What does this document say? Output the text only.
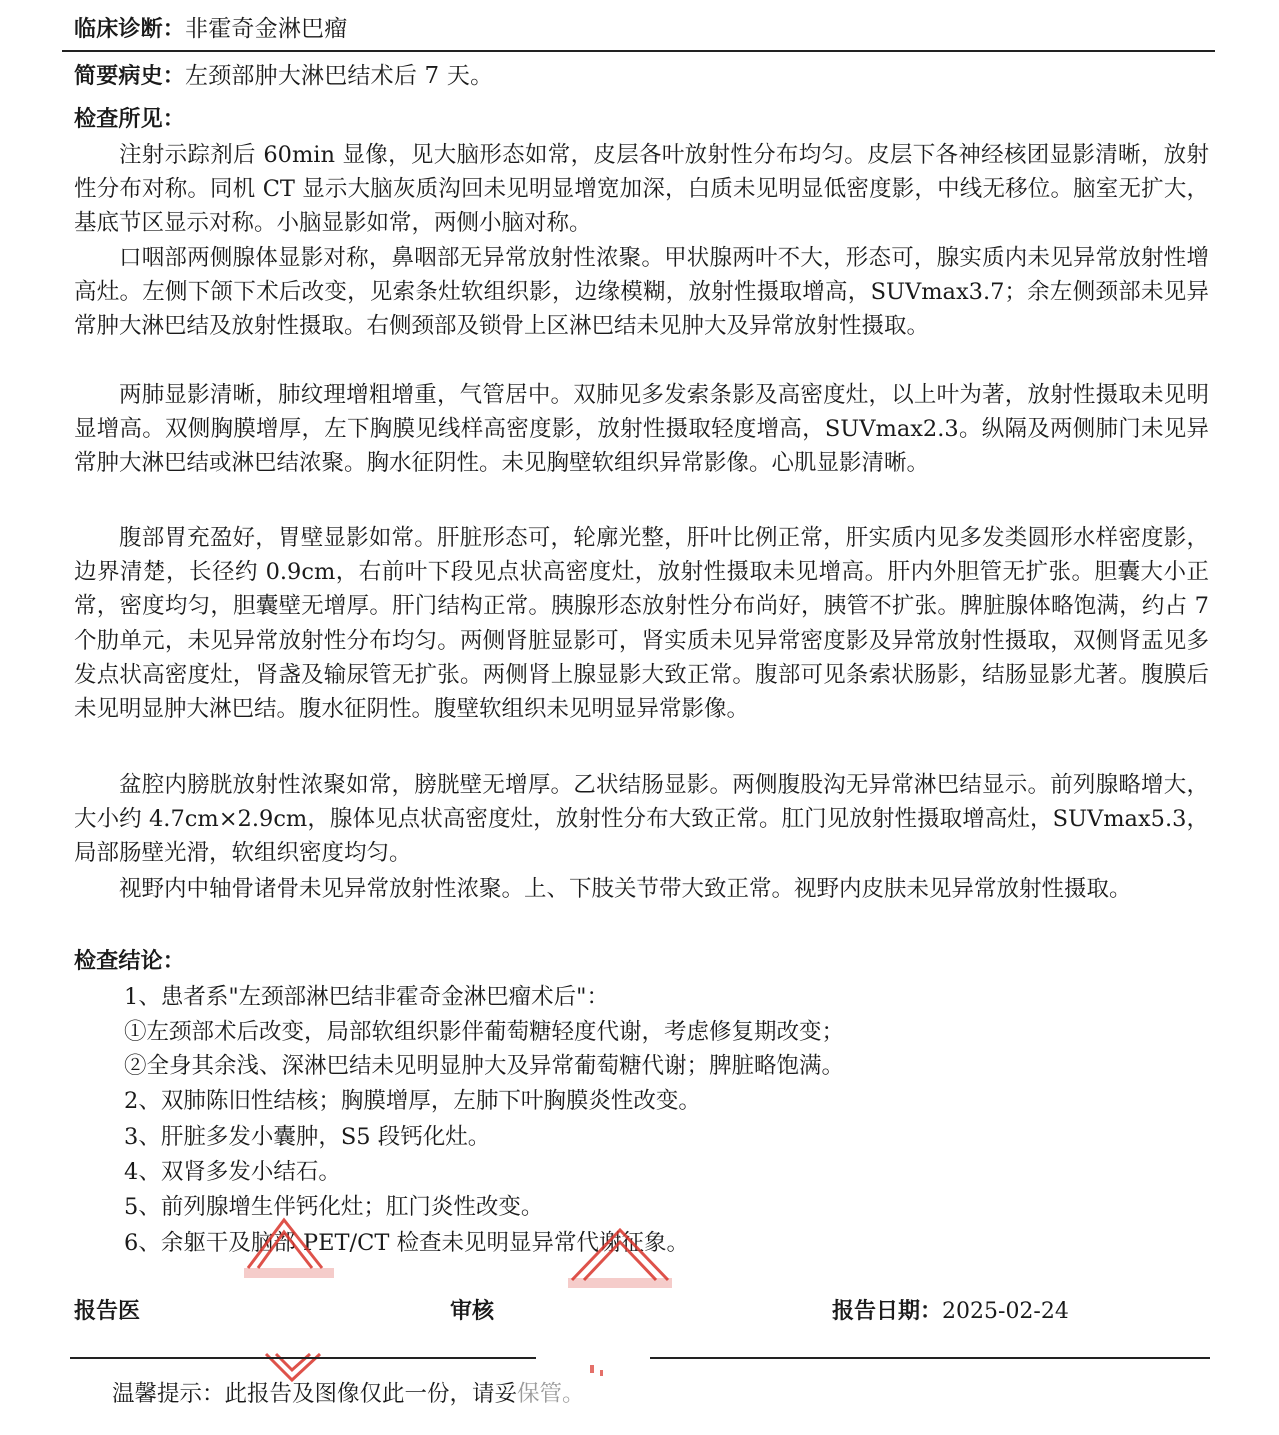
临床诊断：非霍奇金淋巴瘤
简要病史：左颈部肿大淋巴结术后 7 天。
检查所见：
注射示踪剂后 60min 显像，见大脑形态如常，皮层各叶放射性分布均匀。皮层下各神经核团显影清晰，放射性分布对称。同机 CT 显示大脑灰质沟回未见明显增宽加深，白质未见明显低密度影，中线无移位。脑室无扩大，基底节区显示对称。小脑显影如常，两侧小脑对称。
口咽部两侧腺体显影对称，鼻咽部无异常放射性浓聚。甲状腺两叶不大，形态可，腺实质内未见异常放射性增高灶。左侧下颌下术后改变，见索条灶软组织影，边缘模糊，放射性摄取增高，SUVmax3.7；余左侧颈部未见异常肿大淋巴结及放射性摄取。右侧颈部及锁骨上区淋巴结未见肿大及异常放射性摄取。
两肺显影清晰，肺纹理增粗增重，气管居中。双肺见多发索条影及高密度灶，以上叶为著，放射性摄取未见明显增高。双侧胸膜增厚，左下胸膜见线样高密度影，放射性摄取轻度增高，SUVmax2.3。纵隔及两侧肺门未见异常肿大淋巴结或淋巴结浓聚。胸水征阴性。未见胸壁软组织异常影像。心肌显影清晰。
腹部胃充盈好，胃壁显影如常。肝脏形态可，轮廓光整，肝叶比例正常，肝实质内见多发类圆形水样密度影，边界清楚，长径约 0.9cm，右前叶下段见点状高密度灶，放射性摄取未见增高。肝内外胆管无扩张。胆囊大小正常，密度均匀，胆囊壁无增厚。肝门结构正常。胰腺形态放射性分布尚好，胰管不扩张。脾脏腺体略饱满，约占 7 个肋单元，未见异常放射性分布均匀。两侧肾脏显影可，肾实质未见异常密度影及异常放射性摄取，双侧肾盂见多发点状高密度灶，肾盏及输尿管无扩张。两侧肾上腺显影大致正常。腹部可见条索状肠影，结肠显影尤著。腹膜后未见明显肿大淋巴结。腹水征阴性。腹壁软组织未见明显异常影像。
盆腔内膀胱放射性浓聚如常，膀胱壁无增厚。乙状结肠显影。两侧腹股沟无异常淋巴结显示。前列腺略增大，大小约 4.7cm×2.9cm，腺体见点状高密度灶，放射性分布大致正常。肛门见放射性摄取增高灶，SUVmax5.3，局部肠壁光滑，软组织密度均匀。
视野内中轴骨诸骨未见异常放射性浓聚。上、下肢关节带大致正常。视野内皮肤未见异常放射性摄取。
检查结论：
1、患者系"左颈部淋巴结非霍奇金淋巴瘤术后"：
①左颈部术后改变，局部软组织影伴葡萄糖轻度代谢，考虑修复期改变；
②全身其余浅、深淋巴结未见明显肿大及异常葡萄糖代谢；脾脏略饱满。
2、双肺陈旧性结核；胸膜增厚，左肺下叶胸膜炎性改变。
3、肝脏多发小囊肿，S5 段钙化灶。
4、双肾多发小结石。
5、前列腺增生伴钙化灶；肛门炎性改变。
6、余躯干及脑部 PET/CT 检查未见明显异常代谢征象。
报告医	审核	报告日期：2025-02-24
温馨提示：此报告及图像仅此一份，请妥保管。
